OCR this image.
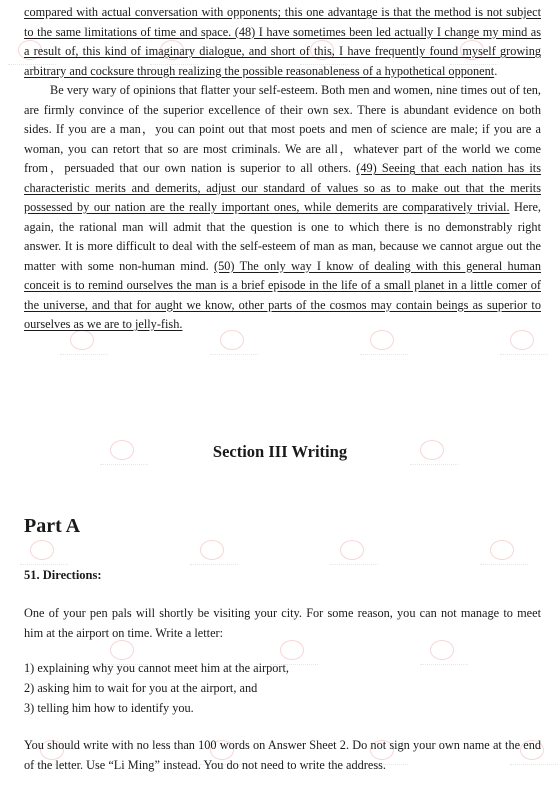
compared with actual conversation with opponents; this one advantage is that the method is not subject to the same limitations of time and space. (48) I have sometimes been led actually I change my mind as a result of, this kind of imaginary dialogue, and short of this, I have frequently found myself growing arbitrary and cocksure through realizing the possible reasonableness of a hypothetical opponent.

Be very wary of opinions that flatter your self-esteem. Both men and women, nine times out of ten, are firmly convince of the superior excellence of their own sex. There is abundant evidence on both sides. If you are a man，you can point out that most poets and men of science are male; if you are a woman, you can retort that so are most criminals. We are all，whatever part of the world we come from，persuaded that our own nation is superior to all others. (49) Seeing that each nation has its characteristic merits and demerits, adjust our standard of values so as to make out that the merits possessed by our nation are the really important ones, while demerits are comparatively trivial. Here, again, the rational man will admit that the question is one to which there is no demonstrably right answer. It is more difficult to deal with the self-esteem of man as man, because we cannot argue out the matter with some non-human mind. (50) The only way I know of dealing with this general human conceit is to remind ourselves the man is a brief episode in the life of a small planet in a little comer of the universe, and that for aught we know, other parts of the cosmos may contain beings as superior to ourselves as we are to jelly-fish.

Section III Writing
Part A
51. Directions:

One of your pen pals will shortly be visiting your city. For some reason, you can not manage to meet him at the airport on time. Write a letter:

1) explaining why you cannot meet him at the airport,
2) asking him to wait for you at the airport, and
3) telling him how to identify you.

You should write with no less than 100 words on Answer Sheet 2. Do not sign your own name at the end of the letter. Use “Li Ming” instead. You do not need to write the address.
